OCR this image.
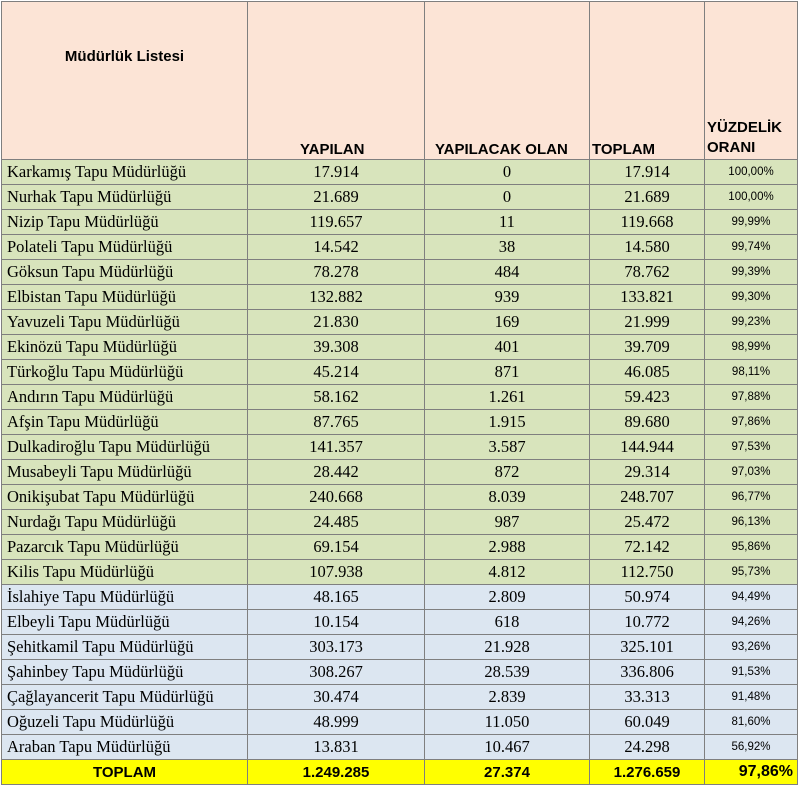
Müdürlük Listesi	YAPILAN	YAPILACAK OLAN	TOPLAM	YÜZDELİK
ORANI
Karkamış Tapu Müdürlüğü	17.914	0	17.914	100,00%
Nurhak Tapu Müdürlüğü	21.689	0	21.689	100,00%
Nizip Tapu Müdürlüğü	119.657	11	119.668	99,99%
Polateli Tapu Müdürlüğü	14.542	38	14.580	99,74%
Göksun Tapu Müdürlüğü	78.278	484	78.762	99,39%
Elbistan Tapu Müdürlüğü	132.882	939	133.821	99,30%
Yavuzeli Tapu Müdürlüğü	21.830	169	21.999	99,23%
Ekinözü Tapu Müdürlüğü	39.308	401	39.709	98,99%
Türkoğlu Tapu Müdürlüğü	45.214	871	46.085	98,11%
Andırın Tapu Müdürlüğü	58.162	1.261	59.423	97,88%
Afşin Tapu Müdürlüğü	87.765	1.915	89.680	97,86%
Dulkadiroğlu Tapu Müdürlüğü	141.357	3.587	144.944	97,53%
Musabeyli Tapu Müdürlüğü	28.442	872	29.314	97,03%
Onikişubat Tapu Müdürlüğü	240.668	8.039	248.707	96,77%
Nurdağı Tapu Müdürlüğü	24.485	987	25.472	96,13%
Pazarcık Tapu Müdürlüğü	69.154	2.988	72.142	95,86%
Kilis Tapu Müdürlüğü	107.938	4.812	112.750	95,73%
İslahiye Tapu Müdürlüğü	48.165	2.809	50.974	94,49%
Elbeyli Tapu Müdürlüğü	10.154	618	10.772	94,26%
Şehitkamil Tapu Müdürlüğü	303.173	21.928	325.101	93,26%
Şahinbey Tapu Müdürlüğü	308.267	28.539	336.806	91,53%
Çağlayancerit Tapu Müdürlüğü	30.474	2.839	33.313	91,48%
Oğuzeli Tapu Müdürlüğü	48.999	11.050	60.049	81,60%
Araban Tapu Müdürlüğü	13.831	10.467	24.298	56,92%
TOPLAM	1.249.285	27.374	1.276.659	97,86%
